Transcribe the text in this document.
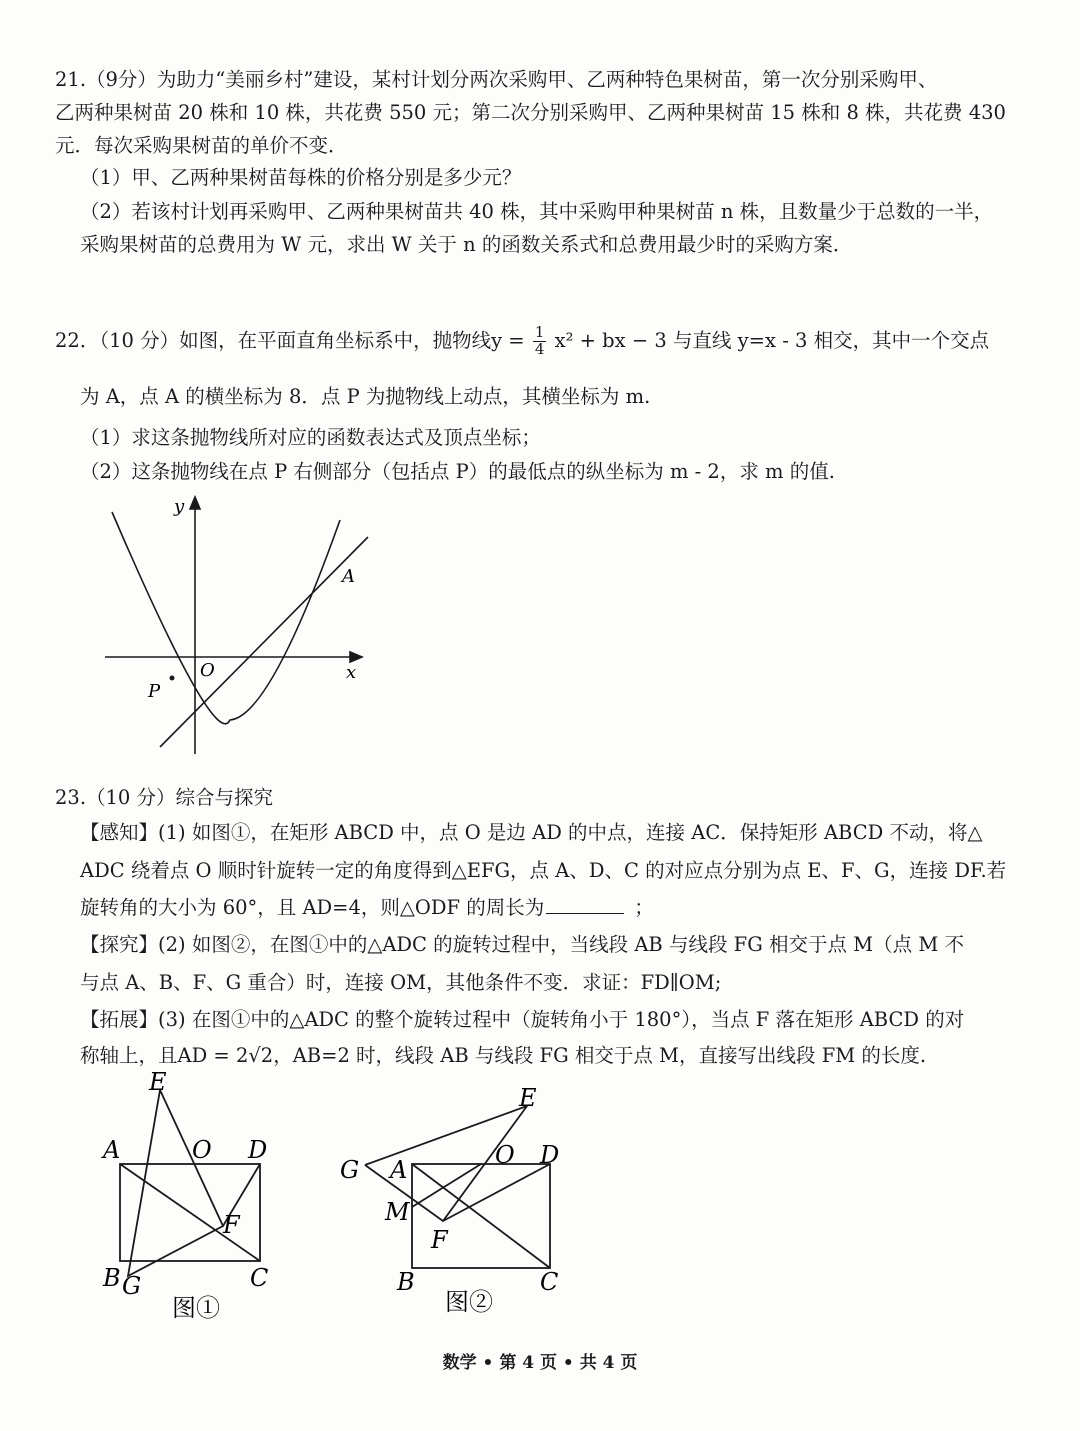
21.（9分）为助力“美丽乡村”建设，某村计划分两次采购甲、乙两种特色果树苗，第一次分别采购甲、
乙两种果树苗 20 株和 10 株，共花费 550 元；第二次分别采购甲、乙两种果树苗 15 株和 8 株，共花费 430
元．每次采购果树苗的单价不变．
（1）甲、乙两种果树苗每株的价格分别是多少元？
（2）若该村计划再采购甲、乙两种果树苗共 40 株，其中采购甲种果树苗 n 株，且数量少于总数的一半，
采购果树苗的总费用为 W 元，求出 W 关于 n 的函数关系式和总费用最少时的采购方案．
22．（10 分）如图，在平面直角坐标系中，抛物线$y = \frac{1}{4} x^2$ + bx − 3 与直线 y=x - 3 相交，其中一个交点
为 A，点 A 的横坐标为 8．点 P 为抛物线上动点，其横坐标为 m.
（1）求这条抛物线所对应的函数表达式及顶点坐标；
（2）这条抛物线在点 P 右侧部分（包括点 P）的最低点的纵坐标为 m - 2，求 m 的值.
y
x
O
A
P
23.（10 分）综合与探究
【感知】(1) 如图①，在矩形 ABCD 中，点 O 是边 AD 的中点，连接 AC．保持矩形 ABCD 不动，将△
ADC 绕着点 O 顺时针旋转一定的角度得到△EFG，点 A、D、C 的对应点分别为点 E、F、G，连接 DF.若
旋转角的大小为 60°，且 AD=4，则△ODF 的周长为	；
【探究】(2) 如图②，在图①中的△ADC 的旋转过程中，当线段 AB 与线段 FG 相交于点 M（点 M 不
与点 A、B、F、G 重合）时，连接 OM，其他条件不变．求证：FD∥OM;
【拓展】(3) 在图①中的△ADC 的整个旋转过程中（旋转角小于 180°），当点 F 落在矩形 ABCD 的对
称轴上，且AD = 2√2，AB=2 时，线段 AB 与线段 FG 相交于点 M，直接写出线段 FM 的长度.
E
A	O D
F
B G	C
图①
E
G A
O D
M
F
B	C
图②
数学 • 第 4 页 • 共 4 页
